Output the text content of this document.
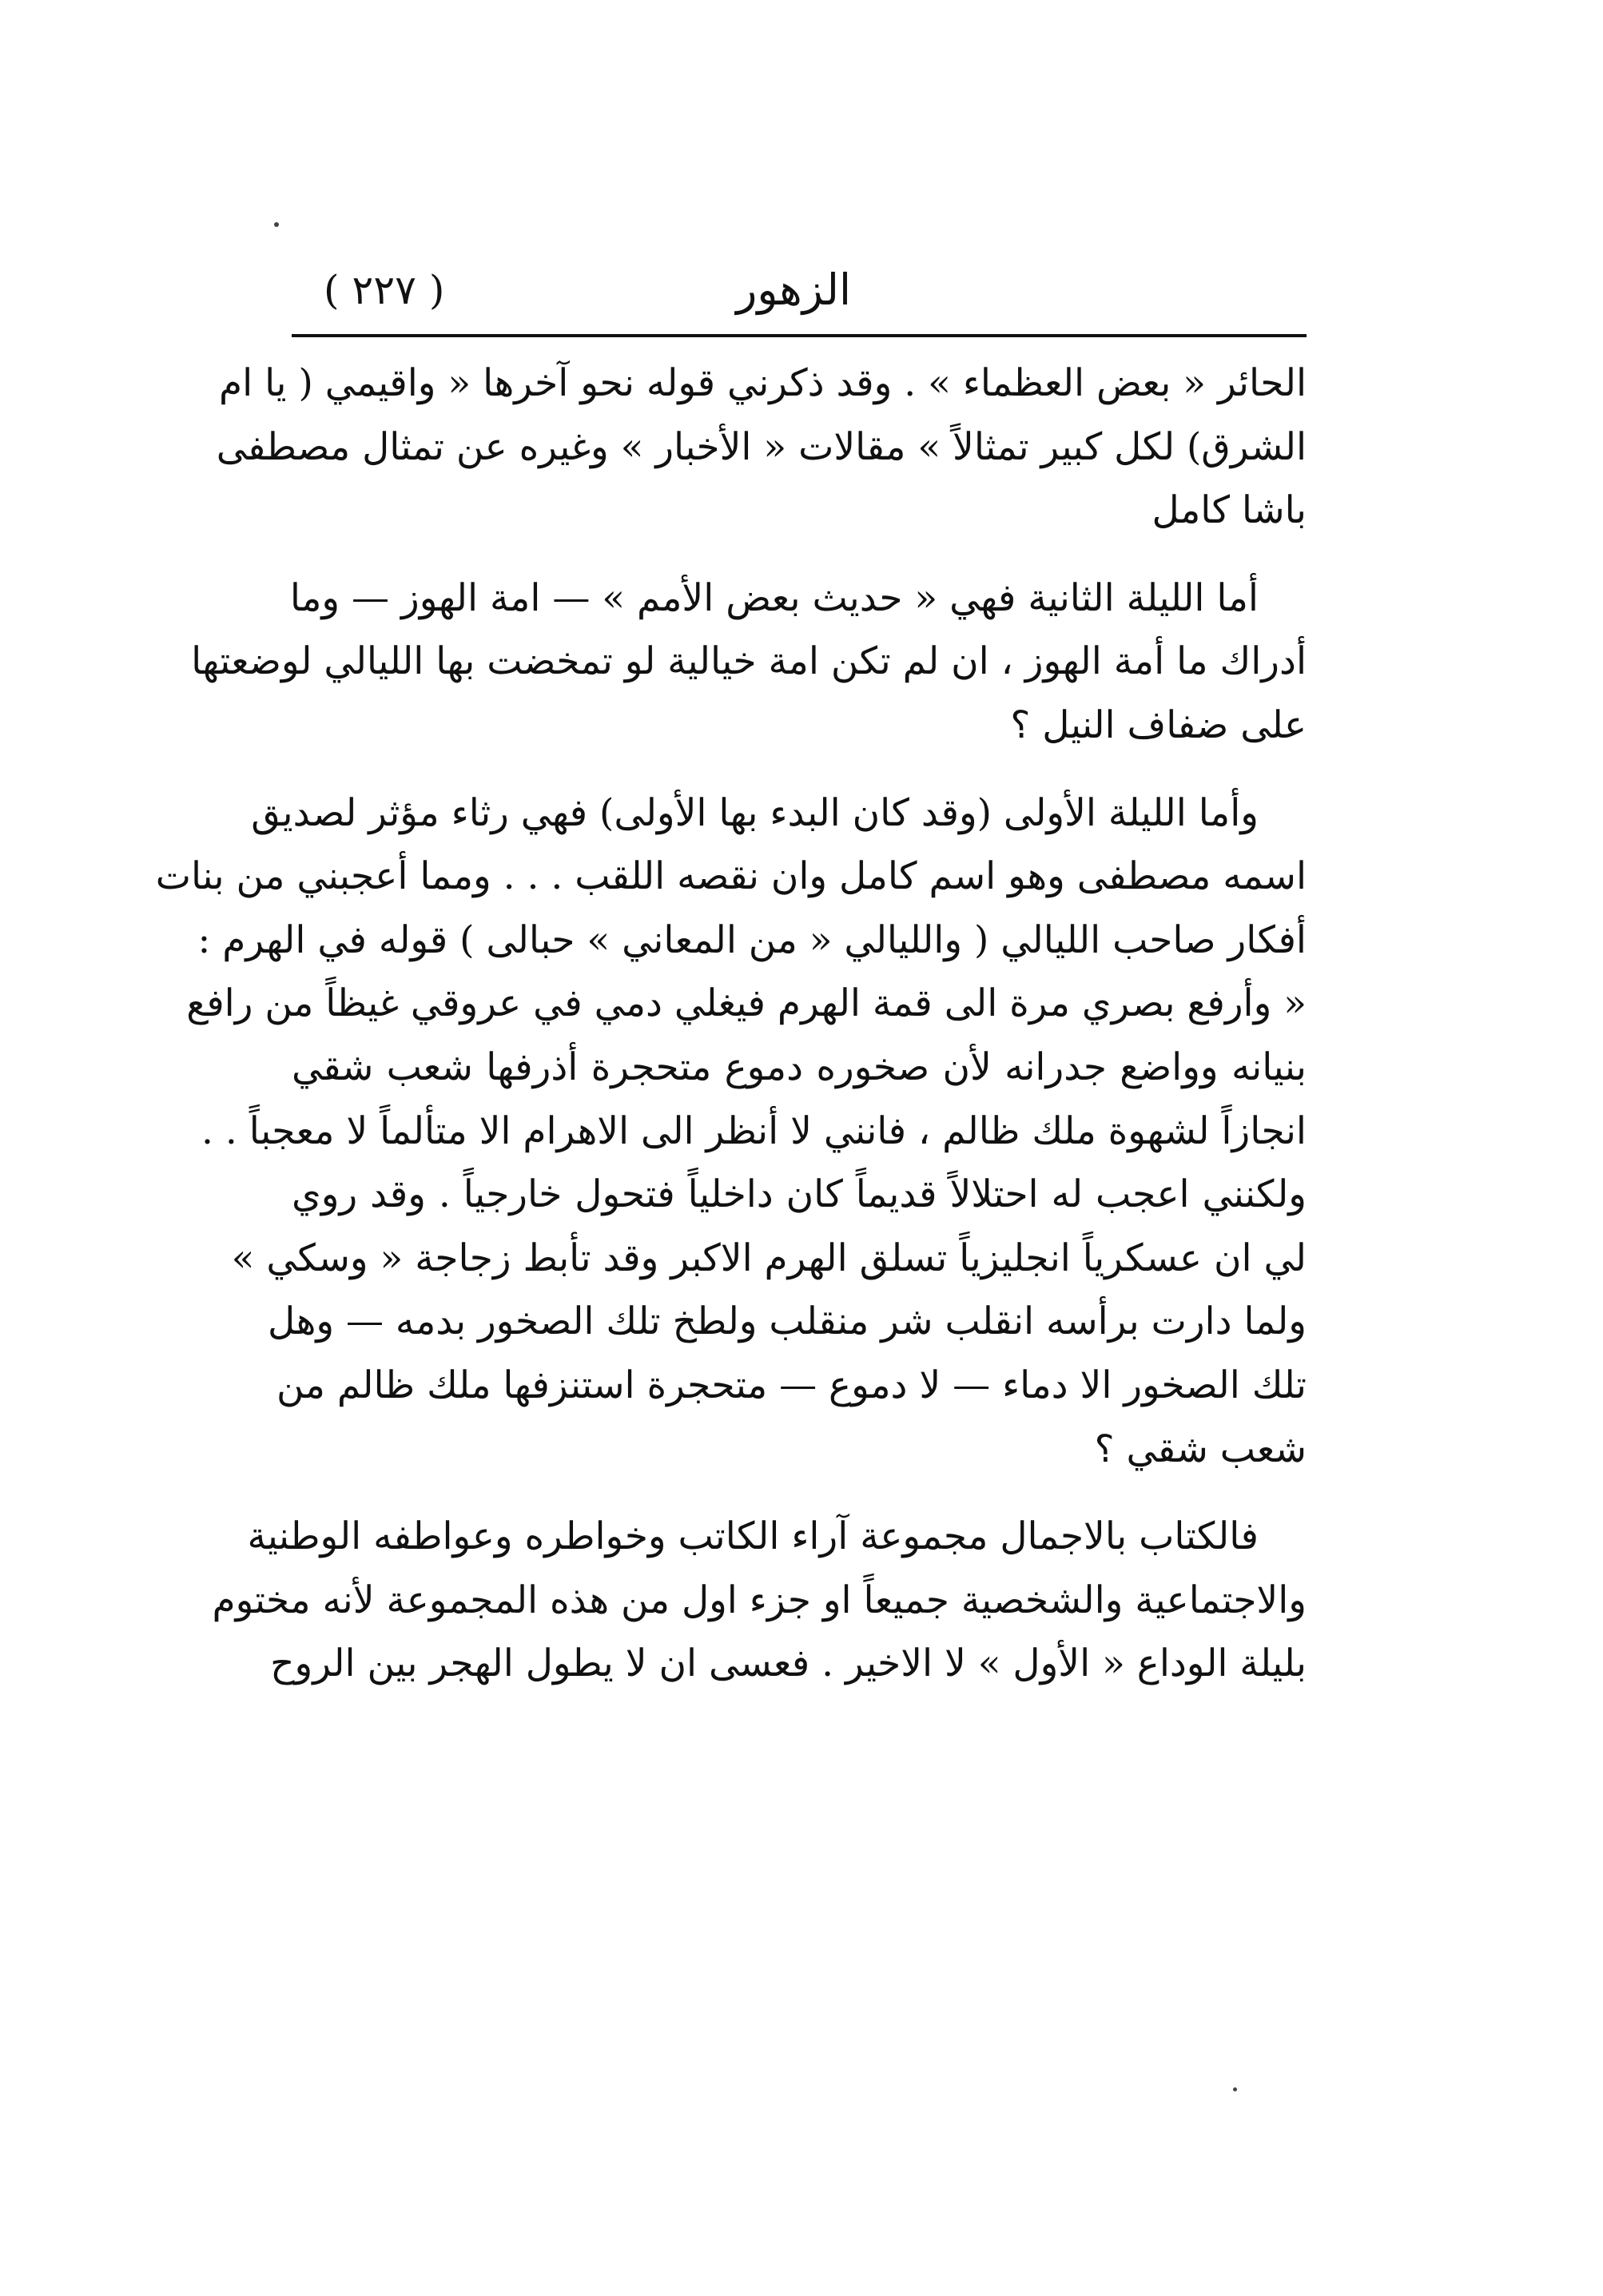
الزهور
( ٢٢٧ )
الحائر « بعض العظماء » . وقد ذكرني قوله نحو آخرها « واقيمي ( يا ام
الشرق) لكل كبير تمثالاً » مقالات « الأخبار » وغيره عن تمثال مصطفى
باشا كامل
أما الليلة الثانية فهي « حديث بعض الأمم » — امة الهوز — وما
أدراك ما أمة الهوز ، ان لم تكن امة خيالية لو تمخضت بها الليالي لوضعتها
على ضفاف النيل ؟
وأما الليلة الأولى (وقد كان البدء بها الأولى) فهي رثاء مؤثر لصديق
اسمه مصطفى وهو اسم كامل وان نقصه اللقب . . . ومما أعجبني من بنات
أفكار صاحب الليالي ( والليالي « من المعاني » حبالى ) قوله في الهرم :
« وأرفع بصري مرة الى قمة الهرم فيغلي دمي في عروقي غيظاً من رافع
بنيانه وواضع جدرانه لأن صخوره دموع متحجرة أذرفها شعب شقي
انجازاً لشهوة ملك ظالم ، فانني لا أنظر الى الاهرام الا متألماً لا معجباً . .
ولكنني اعجب له احتلالاً قديماً كان داخلياً فتحول خارجياً . وقد روي
لي ان عسكرياً انجليزياً تسلق الهرم الاكبر وقد تأبط زجاجة « وسكي »
ولما دارت برأسه انقلب شر منقلب ولطخ تلك الصخور بدمه — وهل
تلك الصخور الا دماء — لا دموع — متحجرة استنزفها ملك ظالم من
شعب شقي ؟
فالكتاب بالاجمال مجموعة آراء الكاتب وخواطره وعواطفه الوطنية
والاجتماعية والشخصية جميعاً او جزء اول من هذه المجموعة لأنه مختوم
بليلة الوداع « الأول » لا الاخير . فعسى ان لا يطول الهجر بين الروح
